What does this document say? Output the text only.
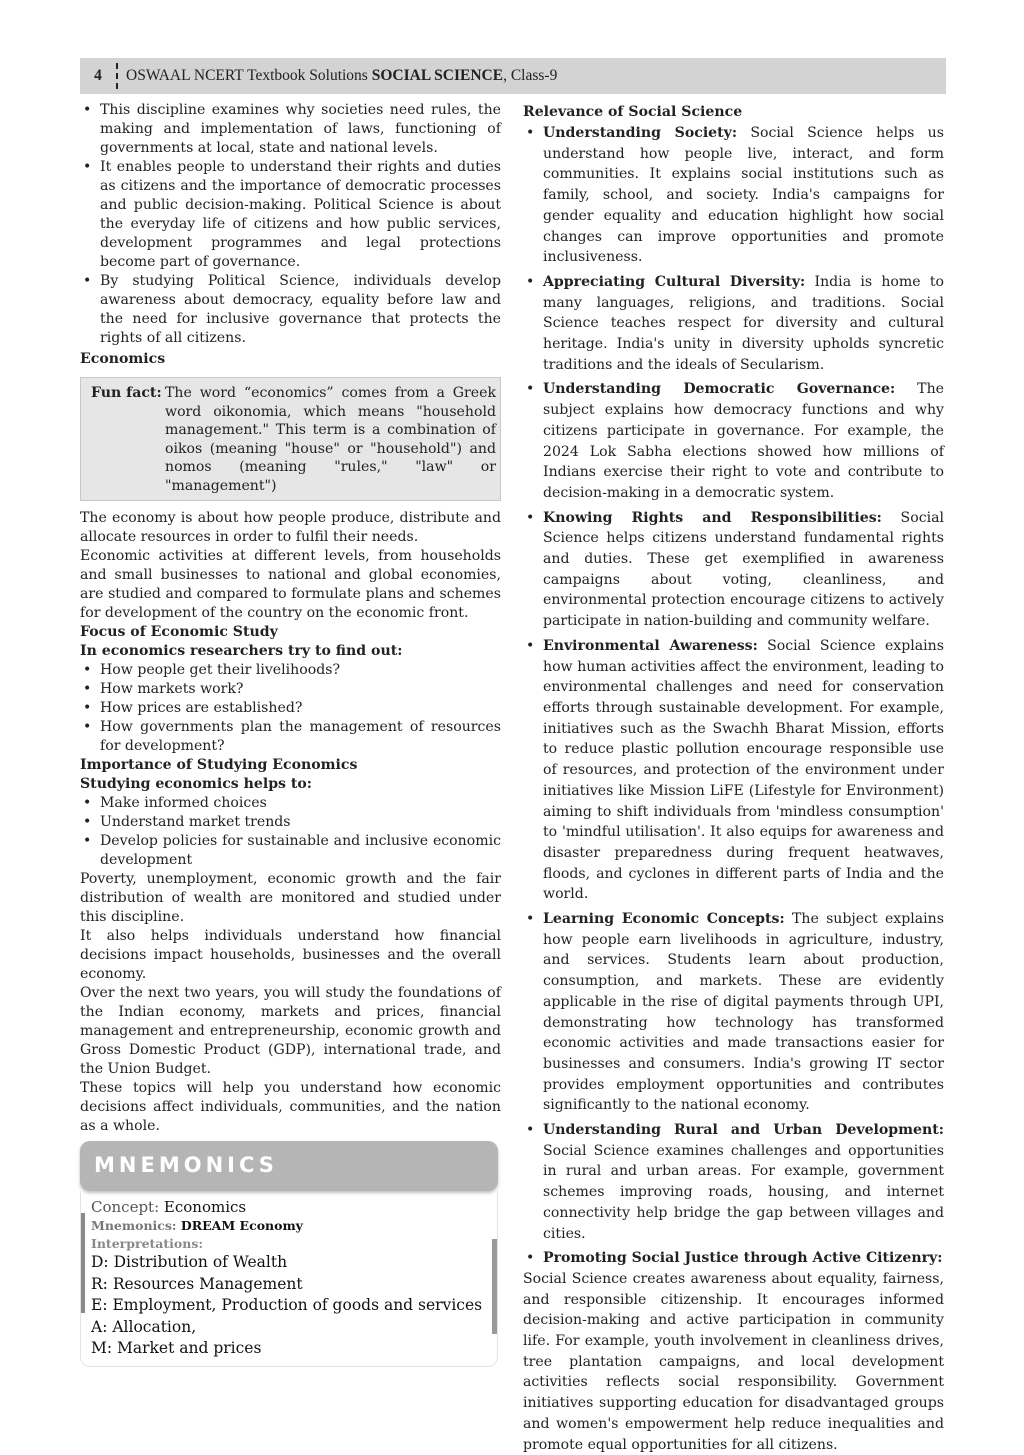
4	OSWAAL NCERT Textbook Solutions
SOCIAL SCIENCE , Class-9
• This discipline examines why societies need rules, the making and implementation of laws, functioning of governments at local, state and national levels.
• It enables people to understand their rights and duties as citizens and the importance of democratic processes and public decision-making. Political Science is about the everyday life of citizens and how public services, development programmes and legal protections become part of governance.
• By studying Political Science, individuals develop awareness about democracy, equality before law and the need for inclusive governance that protects the rights of all citizens.
Economics
Fun fact: The word “economics” comes from a Greek word oikonomia, which means "household management." This term is a combination of oikos (meaning "house" or "household") and nomos (meaning "rules," "law" or "management")
The economy is about how people produce, distribute and allocate resources in order to fulfil their needs.
Economic activities at different levels, from households and small businesses to national and global economies, are studied and compared to formulate plans and schemes for development of the country on the economic front.
Focus of Economic Study
In economics researchers try to find out:
• How people get their livelihoods?
• How markets work?
• How prices are established?
• How governments plan the management of resources for development?
Importance of Studying Economics
Studying economics helps to:
• Make informed choices
• Understand market trends
• Develop policies for sustainable and inclusive economic development
Poverty, unemployment, economic growth and the fair distribution of wealth are monitored and studied under this discipline.
It also helps individuals understand how financial decisions impact households, businesses and the overall economy.
Over the next two years, you will study the foundations of the Indian economy, markets and prices, financial management and entrepreneurship, economic growth and Gross Domestic Product (GDP), international trade, and the Union Budget.
These topics will help you understand how economic decisions affect individuals, communities, and the nation as a whole.
MNEMONICS
Concept: Economics
Mnemonics: DREAM Economy
Interpretations:
D: Distribution of Wealth
R: Resources Management
E: Employment, Production of goods and services
A: Allocation,
M: Market and prices
Relevance of Social Science
• Understanding Society: Social Science helps us understand how people live, interact, and form communities. It explains social institutions such as family, school, and society. India's campaigns for gender equality and education highlight how social changes can improve opportunities and promote inclusiveness.
• Appreciating Cultural Diversity: India is home to many languages, religions, and traditions. Social Science teaches respect for diversity and cultural heritage. India's unity in diversity upholds syncretic traditions and the ideals of Secularism.
• Understanding Democratic Governance: The subject explains how democracy functions and why citizens participate in governance. For example, the 2024 Lok Sabha elections showed how millions of Indians exercise their right to vote and contribute to decision-making in a democratic system.
• Knowing Rights and Responsibilities: Social Science helps citizens understand fundamental rights and duties. These get exemplified in awareness campaigns about voting, cleanliness, and environmental protection encourage citizens to actively participate in nation-building and community welfare.
• Environmental Awareness: Social Science explains how human activities affect the environment, leading to environmental challenges and need for conservation efforts through sustainable development. For example, initiatives such as the Swachh Bharat Mission, efforts to reduce plastic pollution encourage responsible use of resources, and protection of the environment under initiatives like Mission LiFE (Lifestyle for Environment) aiming to shift individuals from 'mindless consumption' to 'mindful utilisation'. It also equips for awareness and disaster preparedness during frequent heatwaves, floods, and cyclones in different parts of India and the world.
• Learning Economic Concepts: The subject explains how people earn livelihoods in agriculture, industry, and services. Students learn about production, consumption, and markets. These are evidently applicable in the rise of digital payments through UPI, demonstrating how technology has transformed economic activities and made transactions easier for businesses and consumers. India's growing IT sector provides employment opportunities and contributes significantly to the national economy.
• Understanding Rural and Urban Development: Social Science examines challenges and opportunities in rural and urban areas. For example, government schemes improving roads, housing, and internet connectivity help bridge the gap between villages and cities.
• Promoting Social Justice through Active Citizenry:
Social Science creates awareness about equality, fairness, and responsible citizenship. It encourages informed decision-making and active participation in community life. For example, youth involvement in cleanliness drives, tree plantation campaigns, and local development activities reflects social responsibility. Government initiatives supporting education for disadvantaged groups and women's empowerment help reduce inequalities and promote equal opportunities for all citizens.
